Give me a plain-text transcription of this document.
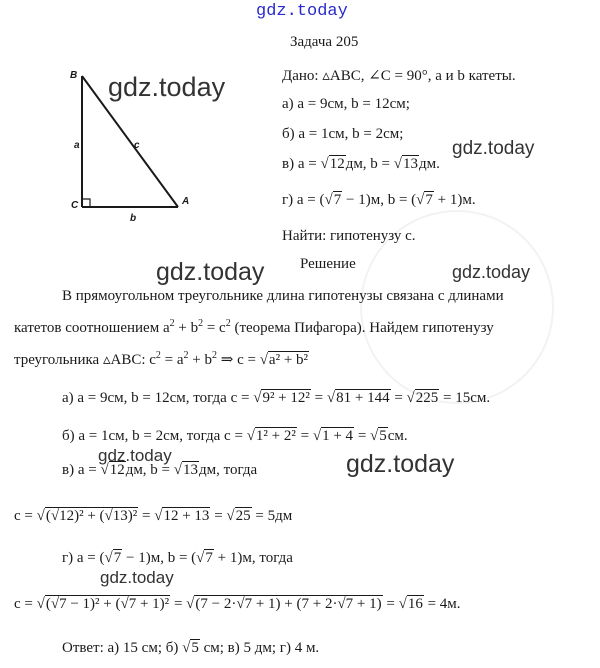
gdz.today
gdz.today
gdz.today
gdz.today	gdz.today
gdz.today	gdz.today
gdz.today
Задача 205
B
C	A
a
b
c
Дано: ▵ABC, ∠C = 90°, a и b катеты.
а) a = 9см, b = 12см;
б) a = 1см, b = 2см;
в) a = √12дм, b = √13дм.
г) a = (√7 − 1)м, b = (√7 + 1)м.
Найти: гипотенузу c.
Решение
В прямоугольном треугольнике длина гипотенузы связана с длинами
катетов соотношением $a^2 + b^2 = c^2$ (теорема Пифагора). Найдем гипотенузу
треугольника ▵ABC: $c^2 = a^2 + b^2$ ⇒ c = √a² + b²
а) a = 9см, b = 12см, тогда c = √9² + 12² = √81 + 144 = √225 = 15см.
б) a = 1см, b = 2см, тогда c = √1² + 2² = √1 + 4 = √5см.
в) a = √12дм, b = √13дм, тогда
c = √(√12)² + (√13)² = √12 + 13 = √25 = 5дм
г) a = (√7 − 1)м, b = (√7 + 1)м, тогда
c = √(√7 − 1)² + (√7 + 1)² = √(7 − 2·√7 + 1) + (7 + 2·√7 + 1) = √16 = 4м.
Ответ: а) 15 см; б) √5 см; в) 5 дм; г) 4 м.
